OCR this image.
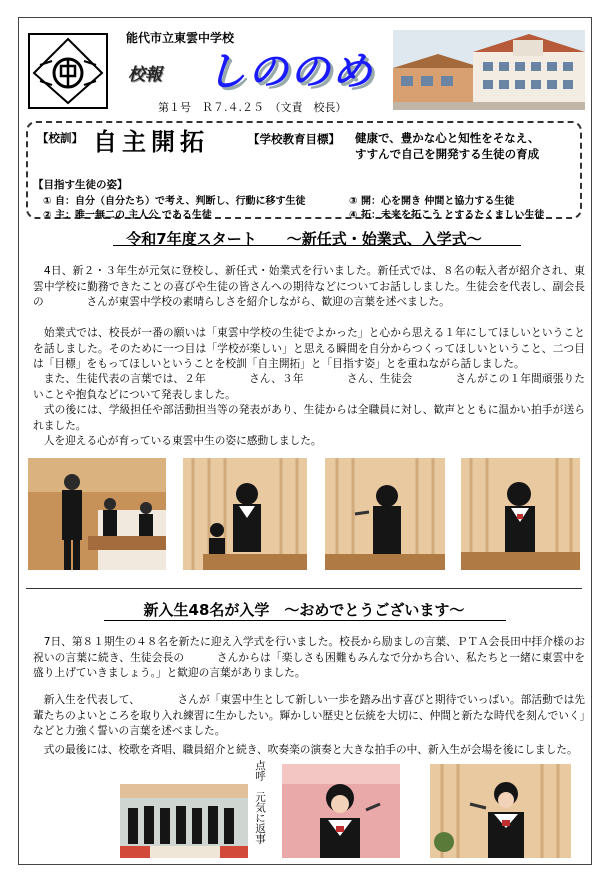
能代市立東雲中学校
校報 しののめ
第１号　Ｒ７.４.２５　（文責　校長）
【校訓】 自主開拓	【学校教育目標】 健康で、豊かな心と知性をそなえ、
すすんで自己を開発する生徒の育成
【目指す生徒の姿】
① 自：自分（自分たち）で考え、判断し、行動に移す生徒
② 主：唯一無二の 主人公 である生徒
③ 開：心を開き 仲間と協力する生徒
④ 拓：未来を拓こう とするたくましい生徒
令和7年度スタート　　～新任式・始業式、入学式～
　4日、新２・３年生が元気に登校し、新任式・始業式を行いました。新任式では、８名の転入者が紹介され、東雲中学校に勤務できたことの喜びや生徒の皆さんへの期待などについてお話ししました。生徒会を代表し、副会長の　　　　さんが東雲中学校の素晴らしさを紹介しながら、歓迎の言葉を述べました。
　始業式では、校長が一番の願いは「東雲中学校の生徒でよかった」と心から思える１年にしてほしいということを話しました。そのために一つ目は「学校が楽しい」と思える瞬間を自分からつくってほしいということ、二つ目は「目標」をもってほしいということを校訓「自主開拓」と「目指す姿」とを重ねながら話しました。
　また、生徒代表の言葉では、２年　　　　さん、３年　　　　さん、生徒会　　　　さんがこの１年間頑張りたいことや抱負などについて発表しました。
　式の後には、学級担任や部活動担当等の発表があり、生徒からは全職員に対し、歓声とともに温かい拍手が送られました。
　人を迎える心が育っている東雲中生の姿に感動しました。
新入生48名が入学　～おめでとうございます～
　7日、第８１期生の４８名を新たに迎え入学式を行いました。校長から励ましの言葉、ＰＴＡ会長田中拝介様のお祝いの言葉に続き、生徒会長の　　　さんからは「楽しさも困難もみんなで分かち合い、私たちと一緒に東雲中を盛り上げていきましょう。」と歓迎の言葉がありました。
　新入生を代表して、　　　　さんが「東雲中生として新しい一歩を踏み出す喜びと期待でいっぱい。部活動では先輩たちのよいところを取り入れ練習に生かしたい。輝かしい歴史と伝統を大切に、仲間と新たな時代を刻んでいく」などと力強く誓いの言葉を述べました。
　式の最後には、校歌を斉唱、職員紹介と続き、吹奏楽の演奏と大きな拍手の中、新入生が会場を後にしました。
点呼　元気に返事
